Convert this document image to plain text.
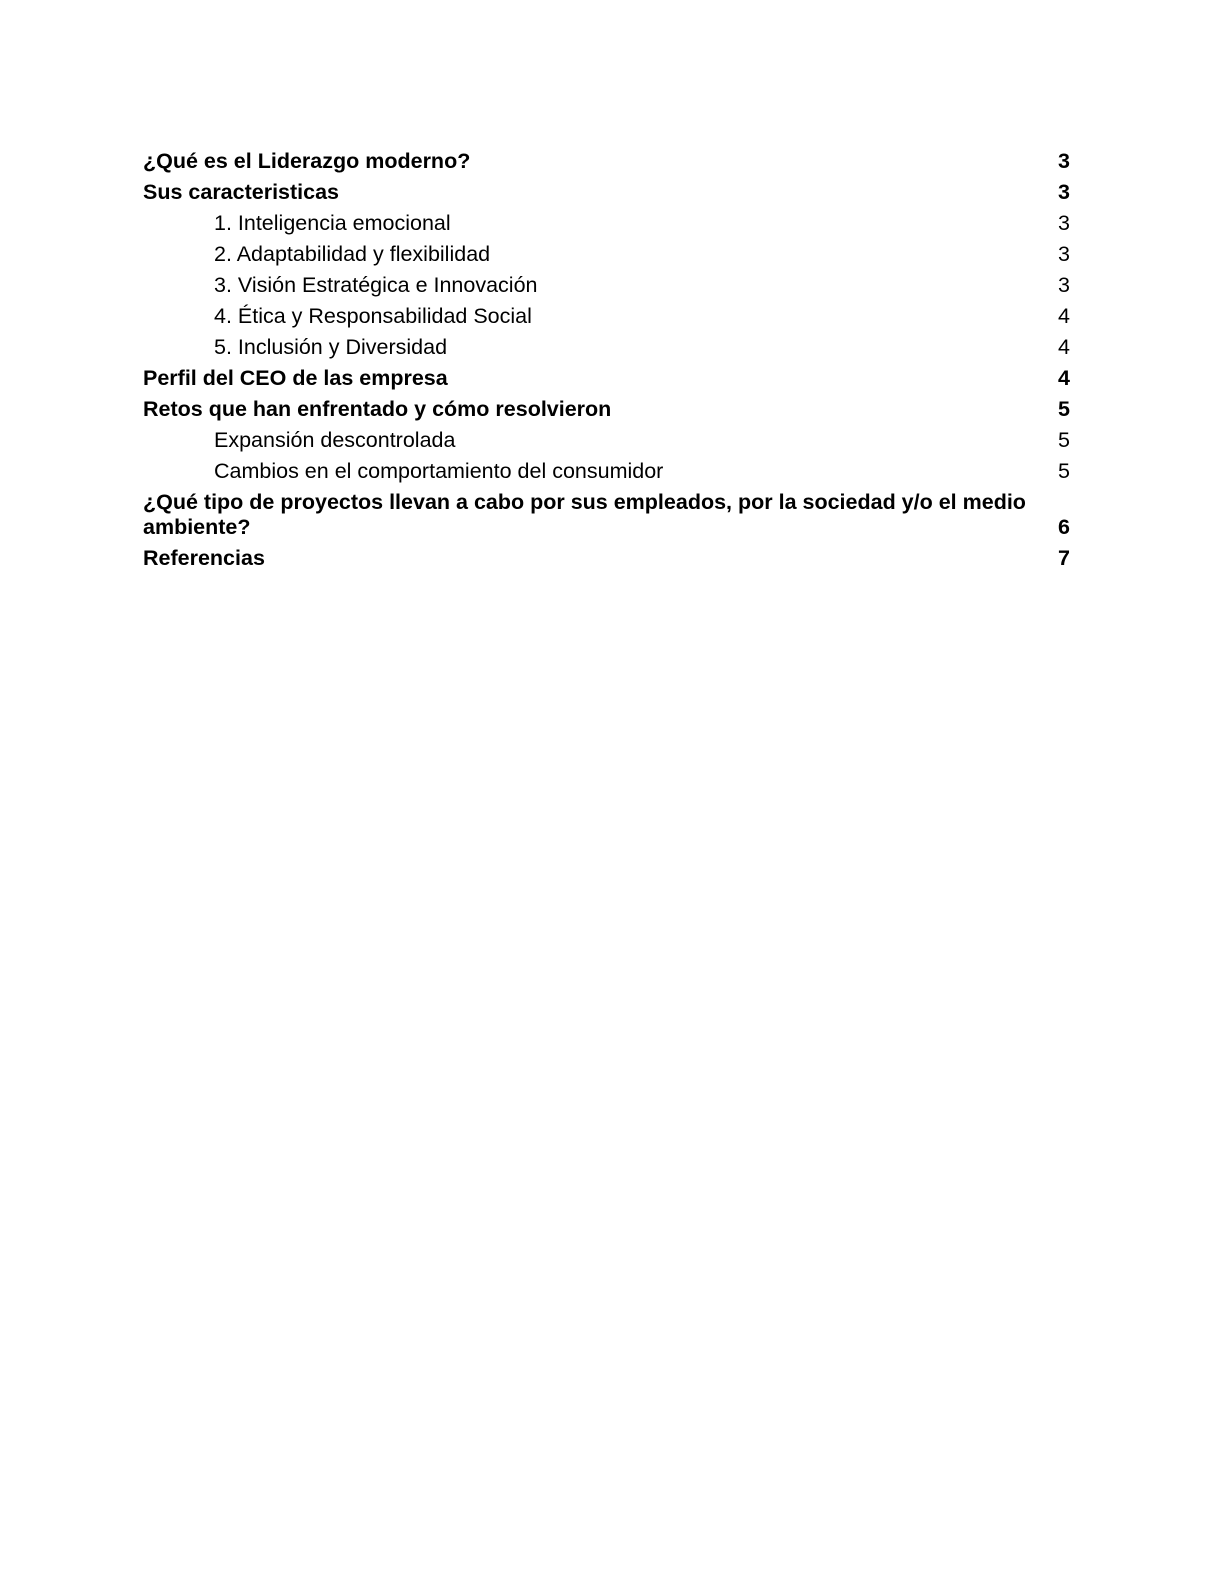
¿Qué es el Liderazgo moderno?	3
Sus caracteristicas	3
1. Inteligencia emocional	3
2. Adaptabilidad y flexibilidad	3
3. Visión Estratégica e Innovación	3
4. Ética y Responsabilidad Social	4
5. Inclusión y Diversidad	4
Perfil del CEO de las empresa	4
Retos que han enfrentado y cómo resolvieron	5
Expansión descontrolada	5
Cambios en el comportamiento del consumidor	5
¿Qué tipo de proyectos llevan a cabo por sus empleados, por la sociedad y/o el medio ambiente?	6
Referencias	7
